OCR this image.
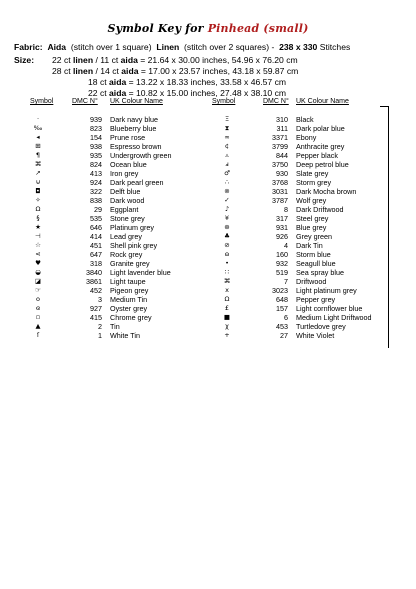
Symbol Key for Pinhead (small)
Fabric: Aida (stitch over 1 square) Linen (stitch over 2 squares) - 238 x 330 Stitches
Size: 22 ct linen / 11 ct aida = 21.64 x 30.00 inches, 54.96 x 76.20 cm
28 ct linen / 14 ct aida = 17.00 x 23.57 inches, 43.18 x 59.87 cm
18 ct aida = 13.22 x 18.33 inches, 33.58 x 46.57 cm
22 ct aida = 10.82 x 15.00 inches, 27.48 x 38.10 cm
Symbol	DMC N° UK Colour Name	Symbol	DMC N° UK Colour Name
·	939 Dark navy blue
‰	823 Blueberry blue
◂	154 Prune rose
⊞	938 Espresso brown
¶	935 Undergrowth green
⌘	824 Ocean blue
↗	413 Iron grey
⊍	924 Dark pearl green
◘	322 Delft blue
✧	838 Dark wood
Ω	29 Eggplant
§	535 Stone grey
★	646 Platinum grey
⊣	414 Lead grey
☆	451 Shell pink grey
⋖	647 Rock grey
♥	318 Granite grey
◒	3840 Light lavender blue
◪	3861 Light taupe
☞	452 Pigeon grey
o	3 Medium Tin
ɞ	927 Oyster grey
▫	415 Chrome grey
▲	2 Tin
ſ	1 White Tin
Ξ	310 Black
⧗	311 Dark polar blue
∞	3371 Ebony
¢	3799 Anthracite grey
▵	844 Pepper black
ⅎ	3750 Deep petrol blue
♂	930 Slate grey
∴	3768 Storm grey
⊚	3031 Dark Mocha brown
✓	3787 Wolf grey
♪	8 Dark Driftwood
¥	317 Steel grey
⊛	931 Blue grey
♣	926 Grey green
⊘	4 Dark Tin
ɷ	160 Storm blue
•	932 Seagull blue
∷	519 Sea spray blue
⌘	7 Driftwood
x	3023 Light platinum grey
Ω	648 Pepper grey
£	157 Light cornflower blue
■	6 Medium Light Driftwood
χ	453 Turtledove grey
+	27 White Violet
